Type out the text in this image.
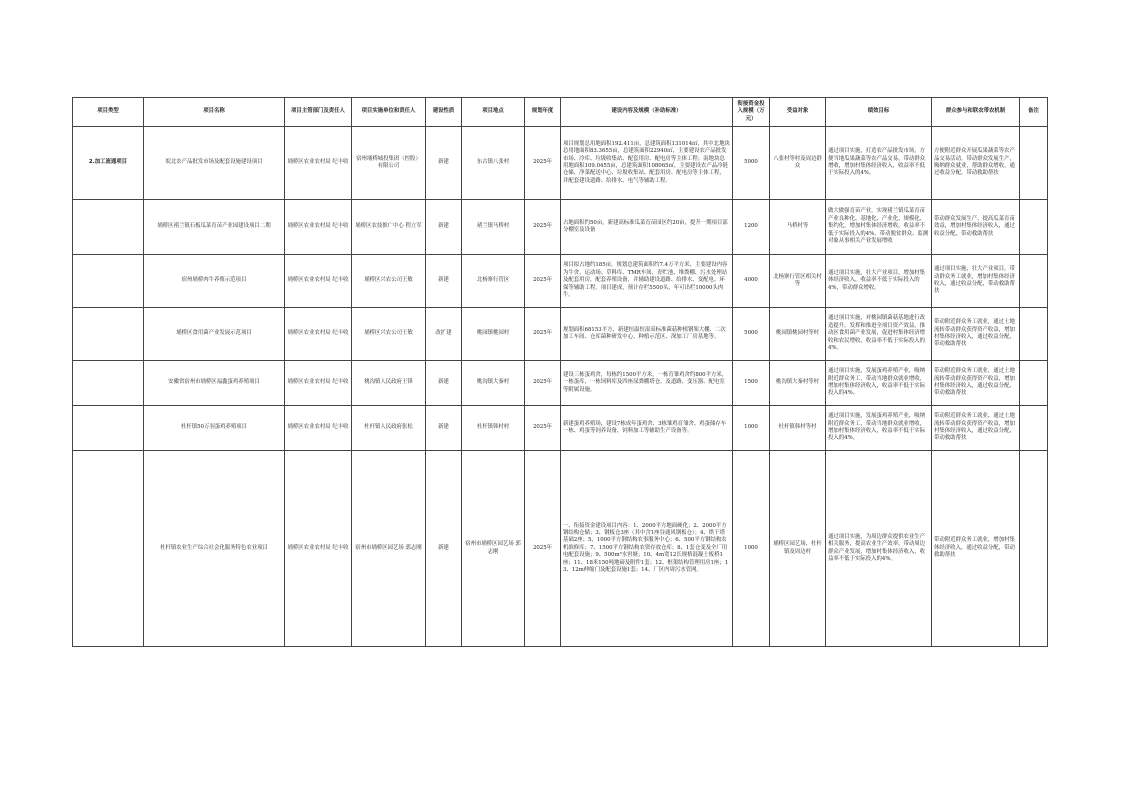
项目类型	项目名称	项目主管部门及责任人	项目实施单位和责任人	建设性质	项目地点	规划年度	建设内容及规模（补助标准）	衔接资金投入规模（万元）	受益对象	绩效目标	群众参与和联农带农机制	备注
2.加工流通项目	皖北农产品批发市场及配套设施建设项目	埇桥区农业农村局 纪丰收	宿州埇桥城投集团（控股）有限公司	新建	东古镇八张村	2025年	项目规划总用地面积192.411亩，总建筑面积131014㎡，其中北地块总用地面积83.3655亩，总建筑面积22940㎡，主要建设农产品批发市场、冷库、垃圾收集站、配套用房、配电房等主体工程；南地块总用地面积109.0455亩，总建筑面积108065㎡，主要建设农产品冷链仓储、净菜配送中心、垃圾收集站、配套用房、配电房等主体工程，并配套建设道路、给排水、电气等辅助工程。	5000	八张村等村及周边群众	通过项目实施，打造农产品批发市场，方便当地瓜果蔬菜等农产品交易，带动群众增收，增加村集体经济收入，收益率不低于实际投入的4%。	方便附近群众开展瓜果蔬菜等农产品交易活动，带动群众发展生产，吸纳群众就业，帮助群众增收。通过收益分配，带动救助帮扶	
	埇桥区褚兰镇石板瓜菜育苗产业园建设项目二期	埇桥区农业农村局 纪丰收	埇桥区农技推广中心 程立军	新建	褚兰镇马桥村	2025年	占地面积约50亩，新建高标准瓜菜育苗园区约20亩，提升一期项目部分棚室及设备	1200	马桥村等	做大做强育苗产业，实现褚兰镇瓜菜育苗产业良种化、基地化、产业化、规模化、集约化，增加村集体经济增收，收益率不低于实际投入的4%，带动脱贫群众、监测对象从事相关产业发展增收	带动群众发展生产，提高瓜菜育苗效益，增加村集体经济收入，通过收益分配，带动救助帮扶	
	宿州埇桥肉牛养殖示范项目	埇桥区农业农村局 纪丰收	埇桥区兴农公司王敏	新建	北杨寨行管区	2025年	项目拟占地约185亩，规划总建筑面积约7.4万平方米，主要建设内容为牛舍、运动场、草料库、TMR车间、青贮池、堆粪棚、污水处理站及配套用房，配套养殖设备，并辅助建设道路、给排水、变配电、环保等辅助工程。项目建成，预计存栏5500头，年可出栏10000头肉牛。	4000	北杨寨行管区相关村等	通过项目实施，壮大产业项目，增加村集体经济收入，收益率不低于实际投入的4%，带动群众增收。	通过项目实施，壮大产业项目，带动群众务工就业，增加村集体经济收入，通过收益分配，带动救助帮扶	
	埇桥区食用菌产业发展示范项目	埇桥区农业农村局 纪丰收	埇桥区兴农公司王敏	改扩建	桃园镇桃园村	2025年	规划面积68153平方，新建恒温恒湿高标准菌菇种植钢架大棚、二次加工车间、仓库菌种研发中心、种植示范区、深加工厂房基地等。	5000	桃园镇桃园村等村	通过项目实施，对桃园镇菌菇基地进行改造提升，发挥和推进全项目资产效益，推动区食用菌产业发展，促进村集体经济增收和农民增收，收益率不低于实际投入的4%。	带动附近群众务工就业，通过土地流转带动群众获得资产收益，增加村集体经济收入，通过收益分配，带动救助帮扶	
	安徽省宿州市埇桥区福鑫蛋鸡养殖项目	埇桥区农业农村局 纪丰收	桃沟镇人民政府王锋	新建	桃沟镇大秦村	2025年	建设三栋蛋鸡舍，每栋约1500平方米，一栋育雏鸡舍约800平方米，一栋蛋库，一栋饲料库及四座尿粪棚塔仓、及道路、变压器、配电室等附属设施。	1500	桃沟镇大秦村等村	通过项目实施，发展蛋鸡养殖产业，吸纳附近群众务工，带动当地群众就业增收，增加村集体经济收入，收益率不低于实际投入的4%。	带动附近群众务工就业，通过土地流转带动群众获得资产收益，增加村集体经济收入，通过收益分配，带动救助帮扶	
	杜杆镇50万羽蛋鸡养殖项目	埇桥区农业农村局 纪丰收	杜杆镇人民政府张松	新建	杜杆镇韩村村	2025年	新建蛋鸡养殖场，建设7栋成年蛋鸡舍、3栋雏鸡育雏舍、鸡蛋储存车一栋、鸡蛋等饲养设备，饲料加工等辅助生产设备等。	1000	杜杆镇韩村等村	通过项目实施，发展蛋鸡养殖产业，吸纳附近群众务工，带动当地群众就业增收，增加村集体经济收入，收益率不低于实际投入的4%。	带动附近群众务工就业，通过土地流转带动群众获得资产收益，增加村集体经济收入，通过收益分配，带动救助帮扶	
	杜杆镇农业生产综合社会化服务特色农业项目	埇桥区农业农村局 纪丰收	宿州市埇桥区园艺场 郭志刚	新建	宿州市埇桥区园艺场 郭志刚	2025年	一、衔接资金建设项目内容：1、2000平方地面硬化；2、2000平方钢结构仓储；3、钢板仓3座（其中含1座谷通风钢板仓）；4、烘干塔基础2座；5、1000平方钢结构农事服务中心；6、500平方钢结构农机维修库；7、1500平方钢结构农资存放仓库；8、1套仓变及全厂用电配套设施；9、500m³水窖塘；10、4m宽12长规格混凝土板桥1座；11、18米150吨地磅及附件1套；12、框架结构管理用房1座；13、12m伸缩门及配套设施1套；14、厂区内周污水管网。	1000	埇桥区园艺场、杜杆镇及周边村	通过项目实施，为周边群众提供农业生产相关服务，提高农业生产效率，带动周边群众产业发展，增加村集体经济收入，收益率不低于实际投入的4%。	带动附近群众务工就业，增加村集体经济收入，通过收益分配，带动救助帮扶	
